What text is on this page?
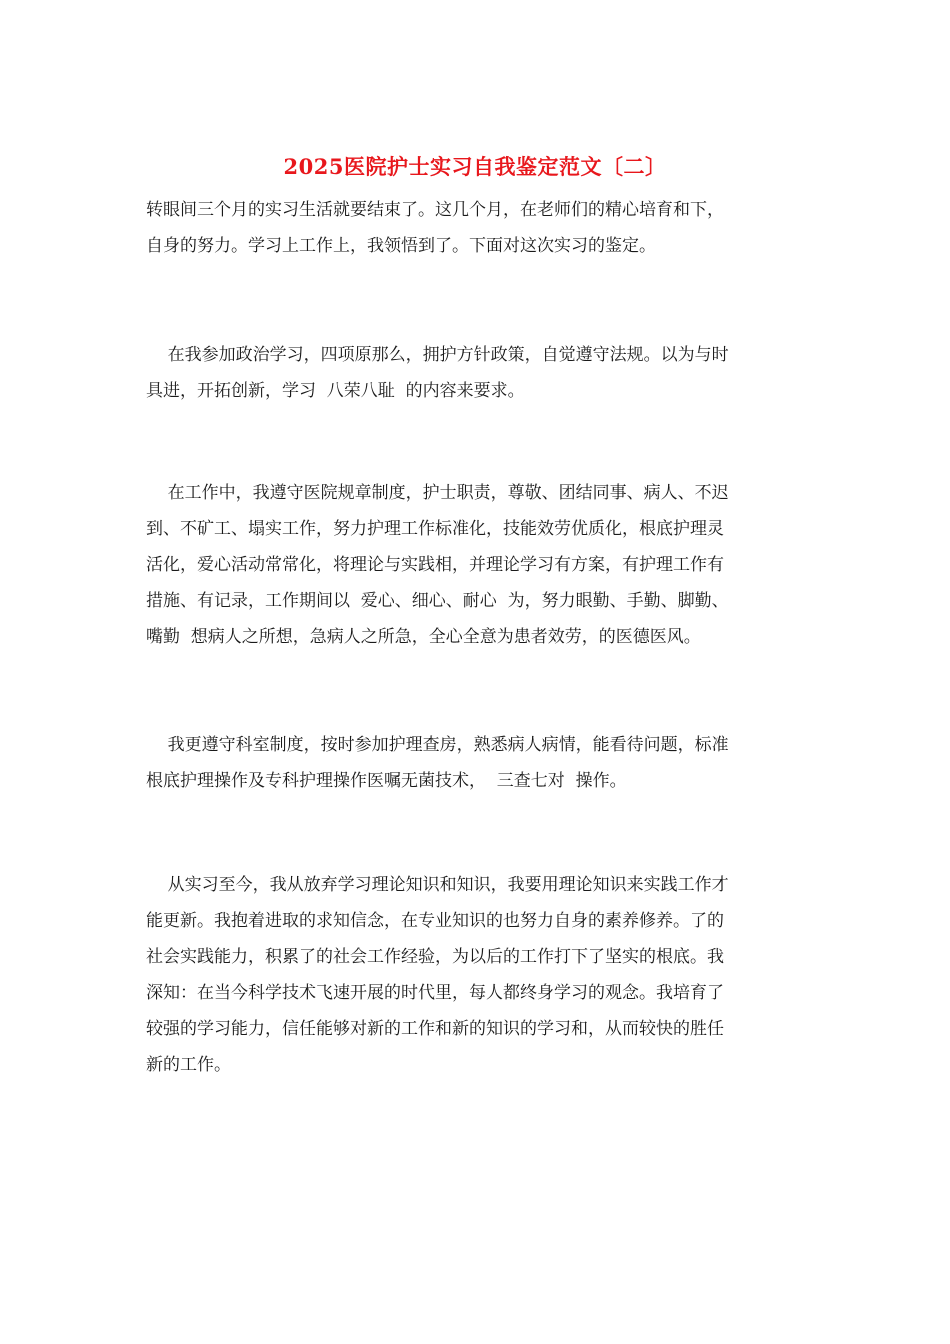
2025医院护士实习自我鉴定范文〔二〕
转眼间三个月的实习生活就要结束了。这几个月，在老师们的精心培育和下，
自身的努力。学习上工作上，我领悟到了。下面对这次实习的鉴定。
在我参加政治学习，四项原那么，拥护方针政策，自觉遵守法规。以为与时
具进，开拓创新，学习  八荣八耻  的内容来要求。
在工作中，我遵守医院规章制度，护士职责，尊敬、团结同事、病人、不迟
到、不矿工、塌实工作，努力护理工作标准化，技能效劳优质化，根底护理灵
活化，爱心活动常常化，将理论与实践相，并理论学习有方案，有护理工作有
措施、有记录，工作期间以  爱心、细心、耐心  为，努力眼勤、手勤、脚勤、
嘴勤  想病人之所想，急病人之所急，全心全意为患者效劳，的医德医风。
我更遵守科室制度，按时参加护理查房，熟悉病人病情，能看待问题，标准
根底护理操作及专科护理操作医嘱无菌技术，  三查七对  操作。
从实习至今，我从放弃学习理论知识和知识，我要用理论知识来实践工作才
能更新。我抱着进取的求知信念，在专业知识的也努力自身的素养修养。了的
社会实践能力，积累了的社会工作经验，为以后的工作打下了坚实的根底。我
深知：在当今科学技术飞速开展的时代里，每人都终身学习的观念。我培育了
较强的学习能力，信任能够对新的工作和新的知识的学习和，从而较快的胜任
新的工作。
